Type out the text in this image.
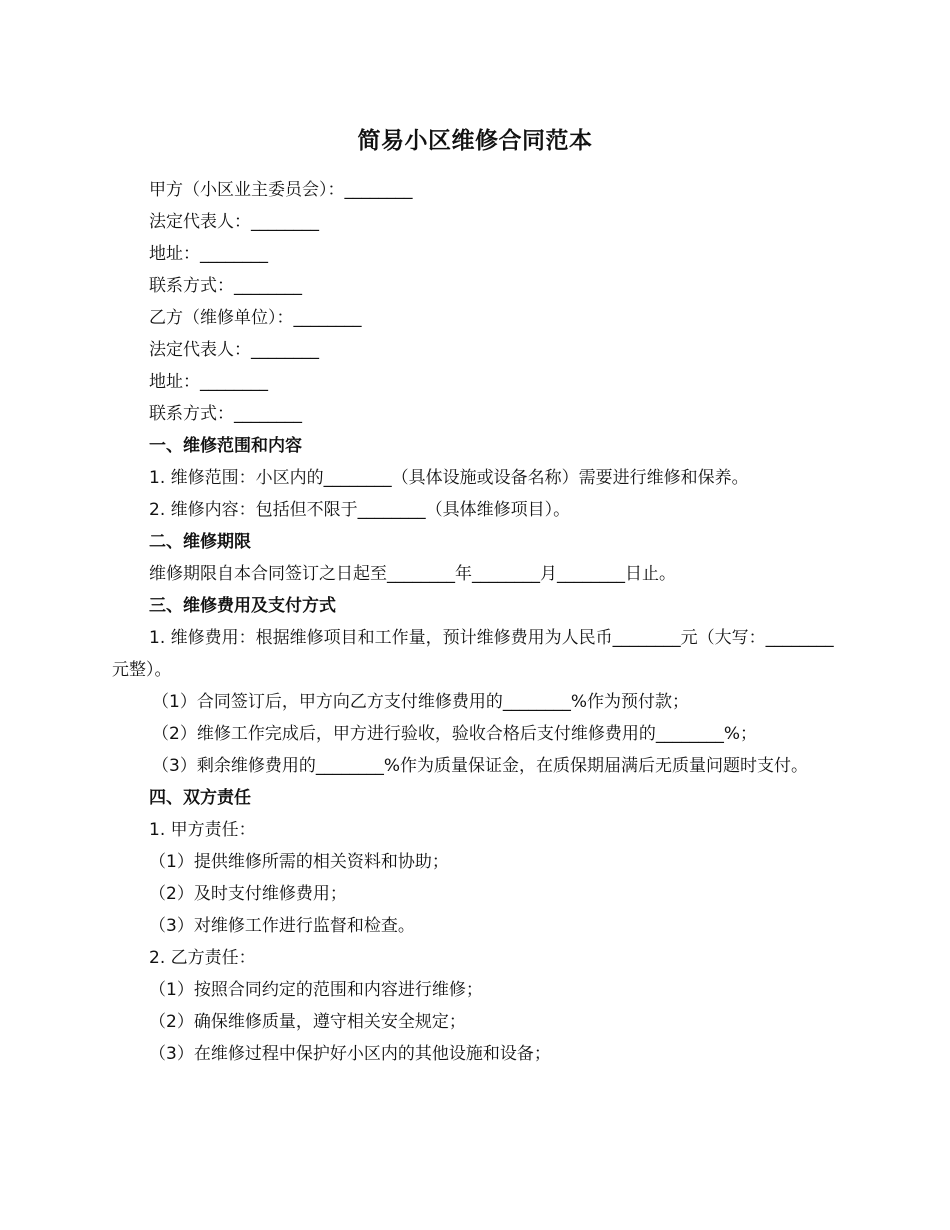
简易小区维修合同范本
甲方（小区业主委员会）：________
法定代表人：________
地址：________
联系方式：________
乙方（维修单位）：________
法定代表人：________
地址：________
联系方式：________
一、维修范围和内容
1. 维修范围：小区内的________（具体设施或设备名称）需要进行维修和保养。
2. 维修内容：包括但不限于________（具体维修项目）。
二、维修期限
维修期限自本合同签订之日起至________年________月________日止。
三、维修费用及支付方式
1. 维修费用：根据维修项目和工作量，预计维修费用为人民币________元（大写：________元整）。
（1）合同签订后，甲方向乙方支付维修费用的________%作为预付款；
（2）维修工作完成后，甲方进行验收，验收合格后支付维修费用的________%；
（3）剩余维修费用的________%作为质量保证金，在质保期届满后无质量问题时支付。
四、双方责任
1. 甲方责任：
（1）提供维修所需的相关资料和协助；
（2）及时支付维修费用；
（3）对维修工作进行监督和检查。
2. 乙方责任：
（1）按照合同约定的范围和内容进行维修；
（2）确保维修质量，遵守相关安全规定；
（3）在维修过程中保护好小区内的其他设施和设备；
